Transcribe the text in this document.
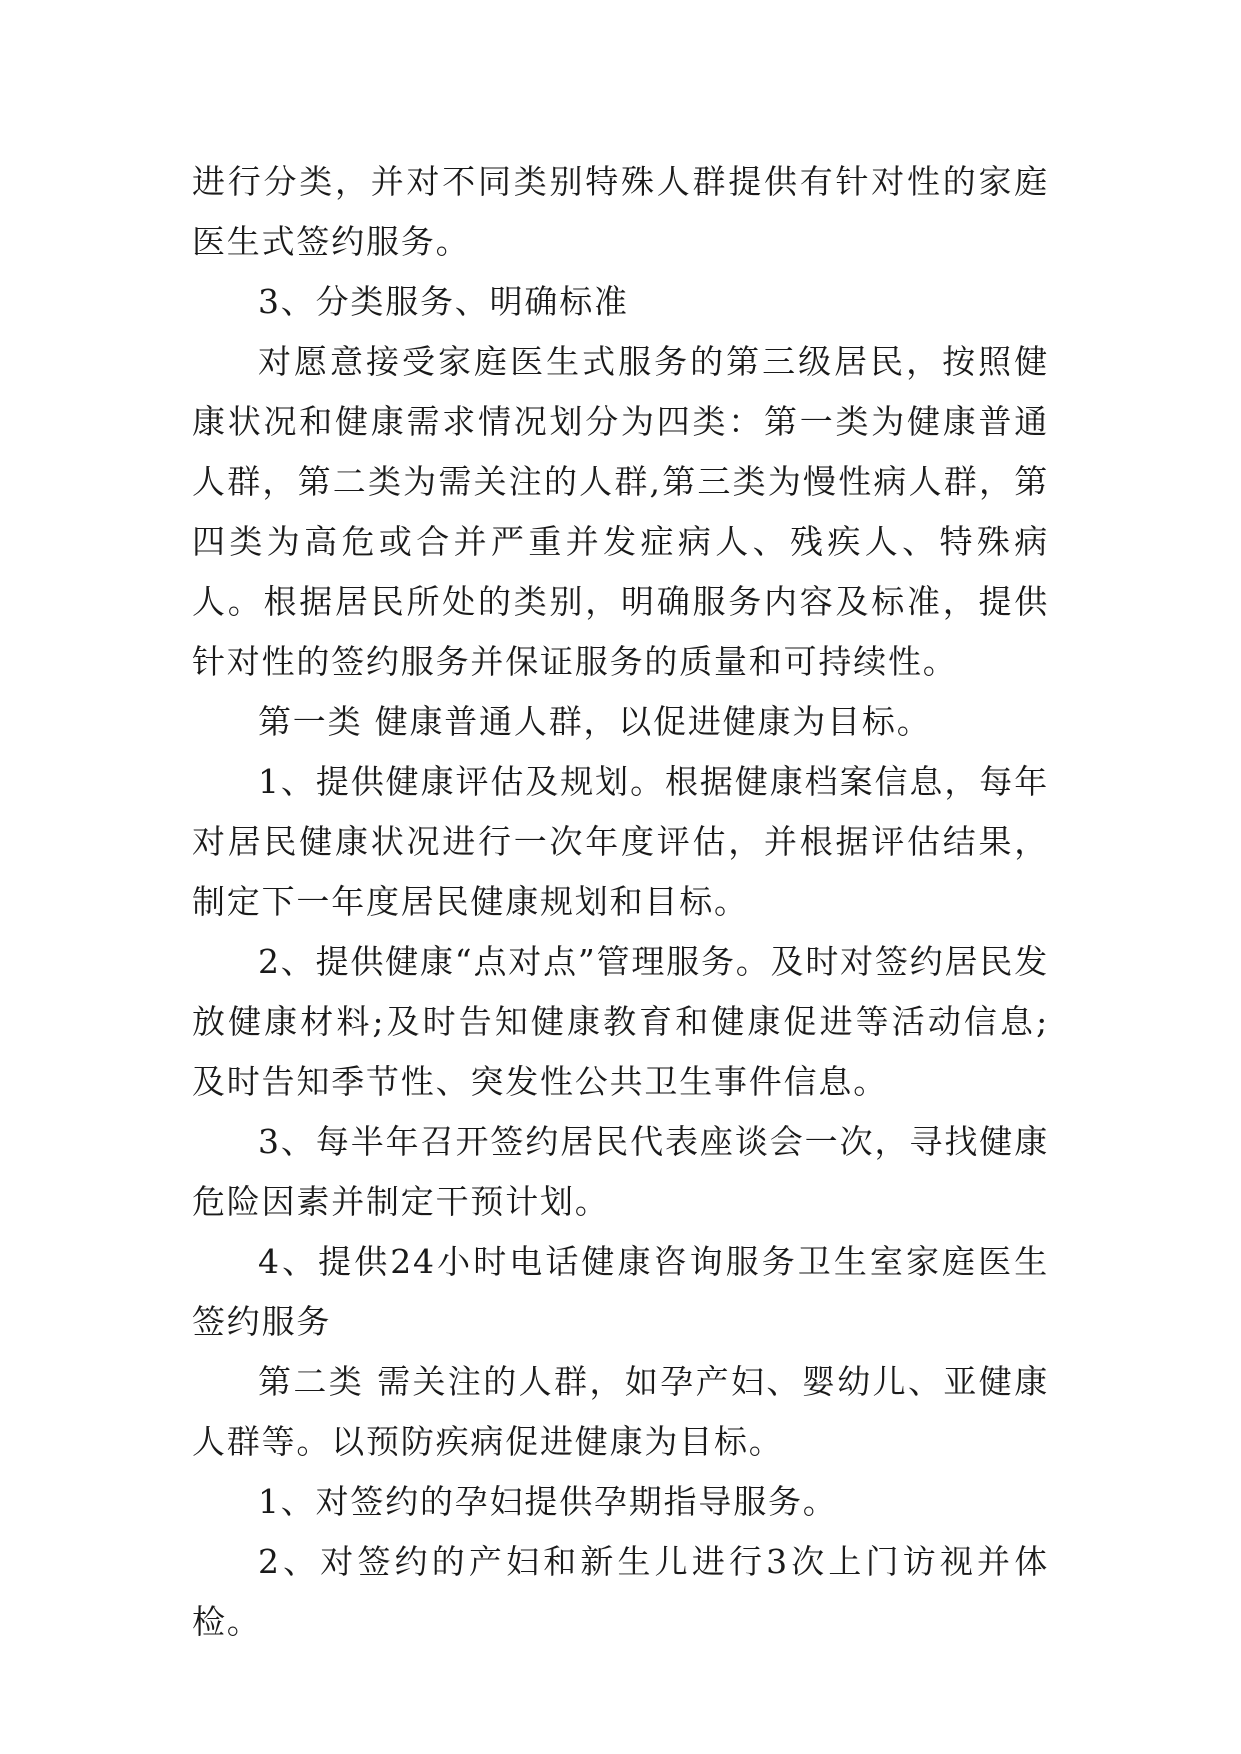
进行分类，并对不同类别特殊人群提供有针对性的家庭医生式签约服务。

3、分类服务、明确标准

对愿意接受家庭医生式服务的第三级居民，按照健康状况和健康需求情况划分为四类：第一类为健康普通人群，第二类为需关注的人群,第三类为慢性病人群，第四类为高危或合并严重并发症病人、残疾人、特殊病人。根据居民所处的类别，明确服务内容及标准，提供针对性的签约服务并保证服务的质量和可持续性。

第一类 健康普通人群，以促进健康为目标。

1、提供健康评估及规划。根据健康档案信息，每年对居民健康状况进行一次年度评估，并根据评估结果，制定下一年度居民健康规划和目标。

2、提供健康“点对点”管理服务。及时对签约居民发放健康材料;及时告知健康教育和健康促进等活动信息;及时告知季节性、突发性公共卫生事件信息。

3、每半年召开签约居民代表座谈会一次，寻找健康危险因素并制定干预计划。

4、提供24小时电话健康咨询服务卫生室家庭医生签约服务

第二类 需关注的人群，如孕产妇、婴幼儿、亚健康人群等。以预防疾病促进健康为目标。

1、对签约的孕妇提供孕期指导服务。

2、对签约的产妇和新生儿进行3次上门访视并体检。
